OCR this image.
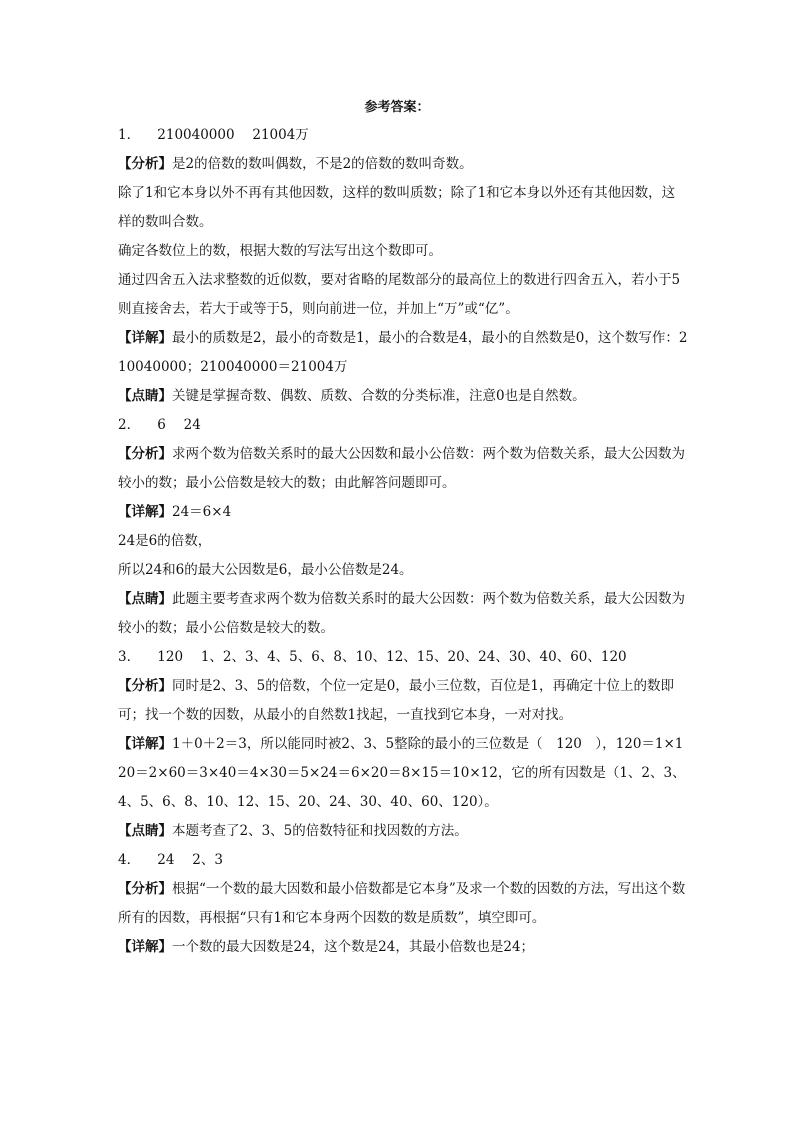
参考答案：

1． 210040000　 21004万

【分析】是2的倍数的数叫偶数，不是2的倍数的数叫奇数。

除了1和它本身以外不再有其他因数，这样的数叫质数；除了1和它本身以外还有其他因数，这样的数叫合数。

确定各数位上的数，根据大数的写法写出这个数即可。

通过四舍五入法求整数的近似数，要对省略的尾数部分的最高位上的数进行四舍五入，若小于5则直接舍去，若大于或等于5，则向前进一位，并加上“万”或“亿”。

【详解】最小的质数是2，最小的奇数是1，最小的合数是4，最小的自然数是0，这个数写作：210040000；210040000＝21004万

【点睛】关键是掌握奇数、偶数、质数、合数的分类标准，注意0也是自然数。

2． 6　 24

【分析】求两个数为倍数关系时的最大公因数和最小公倍数：两个数为倍数关系，最大公因数为较小的数；最小公倍数是较大的数；由此解答问题即可。

【详解】24＝6×4

24是6的倍数，

所以24和6的最大公因数是6，最小公倍数是24。

【点睛】此题主要考查求两个数为倍数关系时的最大公因数：两个数为倍数关系，最大公因数为较小的数；最小公倍数是较大的数。

3． 120　 1、2、3、4、5、6、8、10、12、15、20、24、30、40、60、120

【分析】同时是2、3、5的倍数，个位一定是0，最小三位数，百位是1，再确定十位上的数即可；找一个数的因数，从最小的自然数1找起，一直找到它本身，一对对找。

【详解】1＋0＋2＝3，所以能同时被2、3、5整除的最小的三位数是（　120　），120＝1×120＝2×60＝3×40＝4×30＝5×24＝6×20＝8×15＝10×12，它的所有因数是（1、2、3、4、5、6、8、10、12、15、20、24、30、40、60、120）。

【点睛】本题考查了2、3、5的倍数特征和找因数的方法。

4． 24　 2、3

【分析】根据“一个数的最大因数和最小倍数都是它本身”及求一个数的因数的方法，写出这个数所有的因数，再根据“只有1和它本身两个因数的数是质数”，填空即可。

【详解】一个数的最大因数是24，这个数是24，其最小倍数也是24；
